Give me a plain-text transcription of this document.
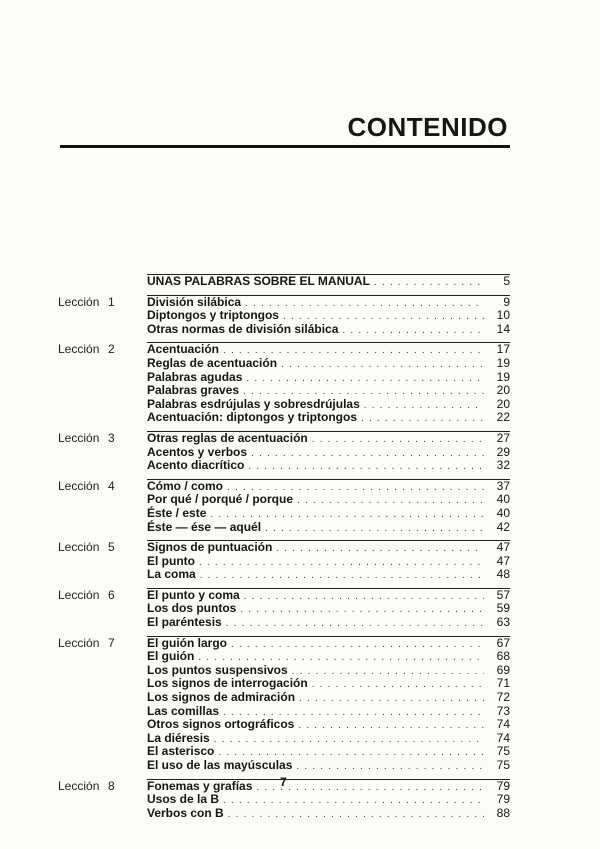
CONTENIDO
UNAS PALABRAS SOBRE EL MANUAL . . .	5
Lección 1	División silábica . . .	9
Diptongos y triptongos . . .	10
Otras normas de división silábica . . .	14
Lección 2	Acentuación . . .	17
Reglas de acentuación . . .	19
Palabras agudas . . .	19
Palabras graves . . .	20
Palabras esdrújulas y sobresdrújulas . . .	20
Acentuación: diptongos y triptongos . . .	22
Lección 3	Otras reglas de acentuación . . .	27
Acentos y verbos . . .	29
Acento diacrítico . . .	32
Lección 4	Cómo / como . . .	37
Por qué / porqué / porque . . .	40
Éste / este . . .	40
Éste — ése — aquél . . .	42
Lección 5	Signos de puntuación . . .	47
El punto . . .	47
La coma . . .	48
Lección 6	El punto y coma . . .	57
Los dos puntos . . .	59
El paréntesis . . .	63
Lección 7	El guión largo . . .	67
El guión . . .	68
Los puntos suspensivos . . .	69
Los signos de interrogación . . .	71
Los signos de admiración . . .	72
Las comillas . . .	73
Otros signos ortográficos . . .	74
La diéresis . . .	74
El asterisco . . .	75
El uso de las mayúsculas . . .	75
Lección 8	Fonemas y grafías . . .	79
Usos de la B . . .	79
Verbos con B . . .	88
7
